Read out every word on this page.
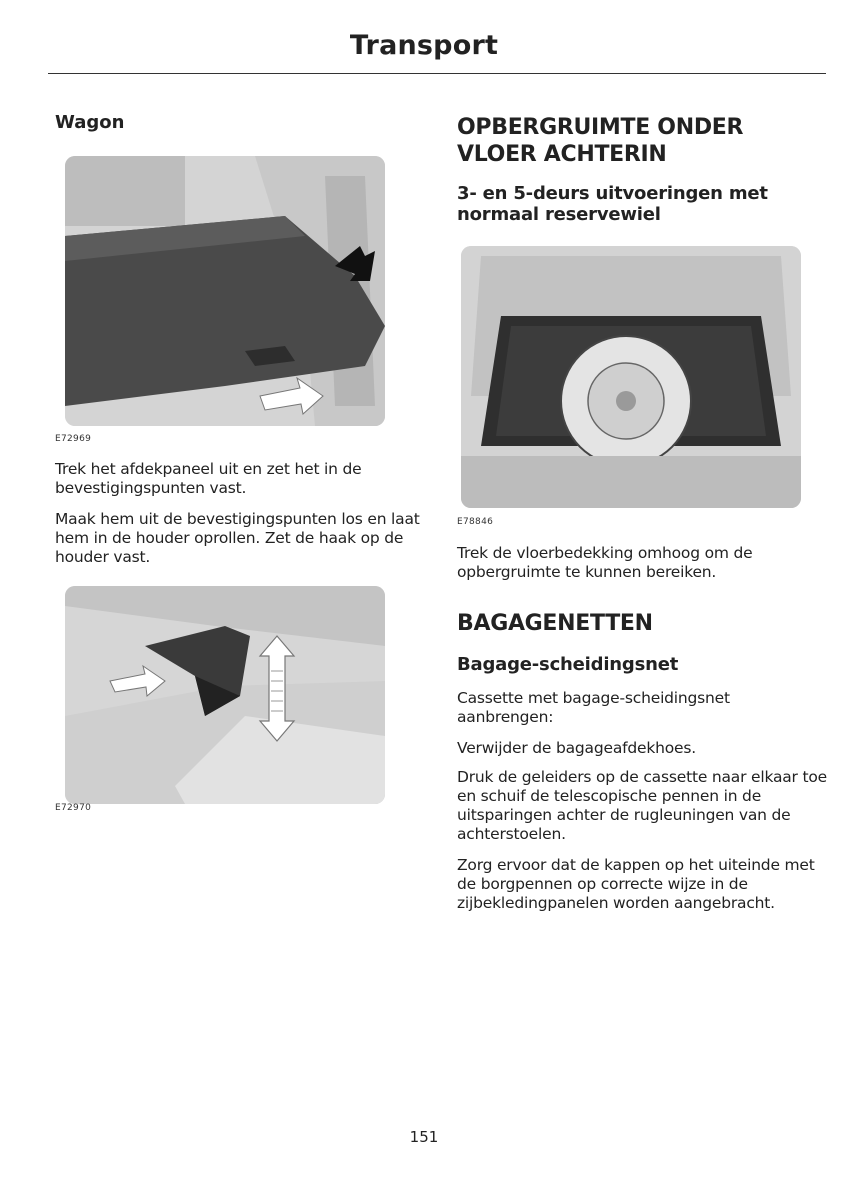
Transport
Wagon
E72969

Trek het afdekpaneel uit en zet het in de bevestigingspunten vast.

Maak hem uit de bevestigingspunten los en laat hem in de houder oprollen. Zet de haak op de houder vast.

E72970
OPBERGRUIMTE ONDER
VLOER ACHTERIN
3- en 5-deurs uitvoeringen met
normaal reservewiel
E78846

Trek de vloerbedekking omhoog om de opbergruimte te kunnen bereiken.

BAGAGENETTEN
Bagage-scheidingsnet

Cassette met bagage-scheidingsnet aanbrengen:

Verwijder de bagageafdekhoes.

Druk de geleiders op de cassette naar elkaar toe en schuif de telescopische pennen in de uitsparingen achter de rugleuningen van de achterstoelen.

Zorg ervoor dat de kappen op het uiteinde met de borgpennen op correcte wijze in de zijbekledingpanelen worden aangebracht.

151
